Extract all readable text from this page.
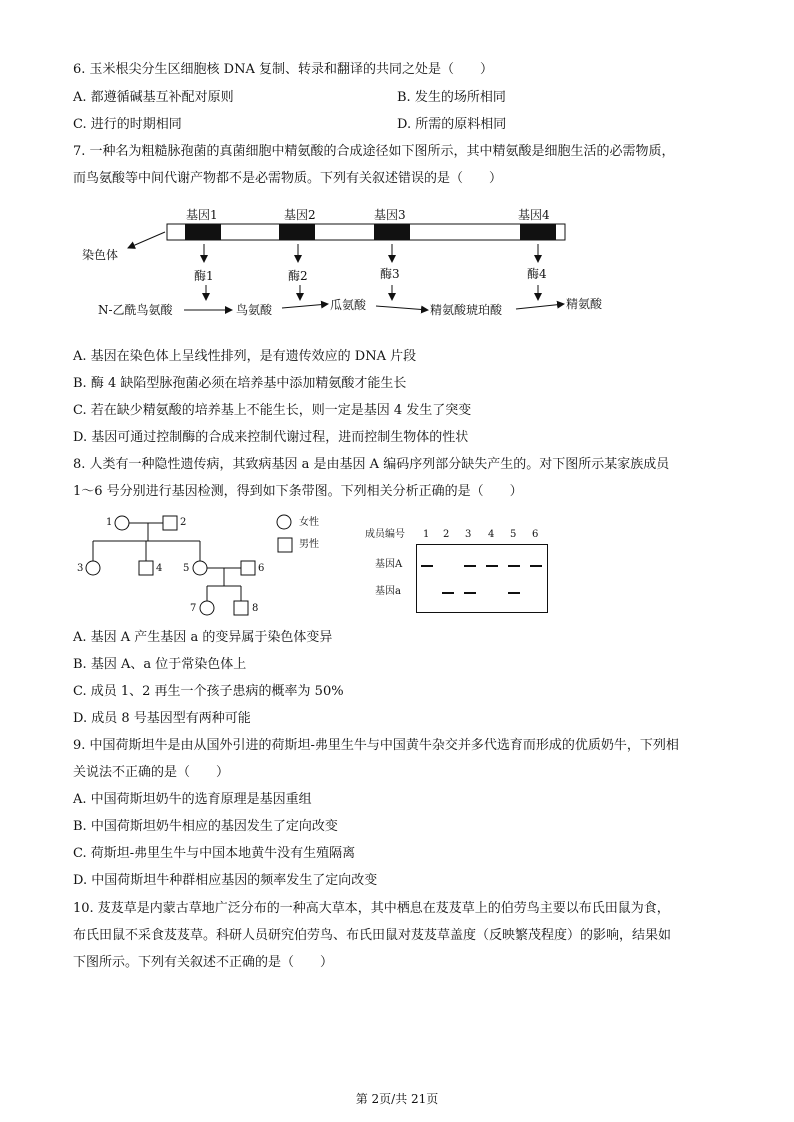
6. 玉米根尖分生区细胞核 DNA 复制、转录和翻译的共同之处是（　　）
A. 都遵循碱基互补配对原则	B. 发生的场所相同
C. 进行的时期相同	D. 所需的原料相同
7. 一种名为粗糙脉孢菌的真菌细胞中精氨酸的合成途径如下图所示，其中精氨酸是细胞生活的必需物质，
而鸟氨酸等中间代谢产物都不是必需物质。下列有关叙述错误的是（　　）
基因1	基因2	基因3	基因4
染色体
酶1	酶2	酶3	酶4
N-乙酰鸟氨酸	鸟氨酸	瓜氨酸	精氨酸琥珀酸	精氨酸
A. 基因在染色体上呈线性排列，是有遗传效应的 DNA 片段
B. 酶 4 缺陷型脉孢菌必须在培养基中添加精氨酸才能生长
C. 若在缺少精氨酸的培养基上不能生长，则一定是基因 4 发生了突变
D. 基因可通过控制酶的合成来控制代谢过程，进而控制生物体的性状
8. 人类有一种隐性遗传病，其致病基因 a 是由基因 A 编码序列部分缺失产生的。对下图所示某家族成员
1～6 号分别进行基因检测，得到如下条带图。下列相关分析正确的是（　　）
1	2
3	4 5	6
7	8
女性
男性
成员编号 1 2 3 4 5 6
基因A
基因a
A. 基因 A 产生基因 a 的变异属于染色体变异
B. 基因 A、a 位于常染色体上
C. 成员 1、2 再生一个孩子患病的概率为 50%
D. 成员 8 号基因型有两种可能
9. 中国荷斯坦牛是由从国外引进的荷斯坦-弗里生牛与中国黄牛杂交并多代选育而形成的优质奶牛，下列相
关说法不正确的是（　　）
A. 中国荷斯坦奶牛的选育原理是基因重组
B. 中国荷斯坦奶牛相应的基因发生了定向改变
C. 荷斯坦-弗里生牛与中国本地黄牛没有生殖隔离
D. 中国荷斯坦牛种群相应基因的频率发生了定向改变
10. 芨芨草是内蒙古草地广泛分布的一种高大草本，其中栖息在芨芨草上的伯劳鸟主要以布氏田鼠为食，
布氏田鼠不采食芨芨草。科研人员研究伯劳鸟、布氏田鼠对芨芨草盖度（反映繁茂程度）的影响，结果如
下图所示。下列有关叙述不正确的是（　　）
第 2页/共 21页
